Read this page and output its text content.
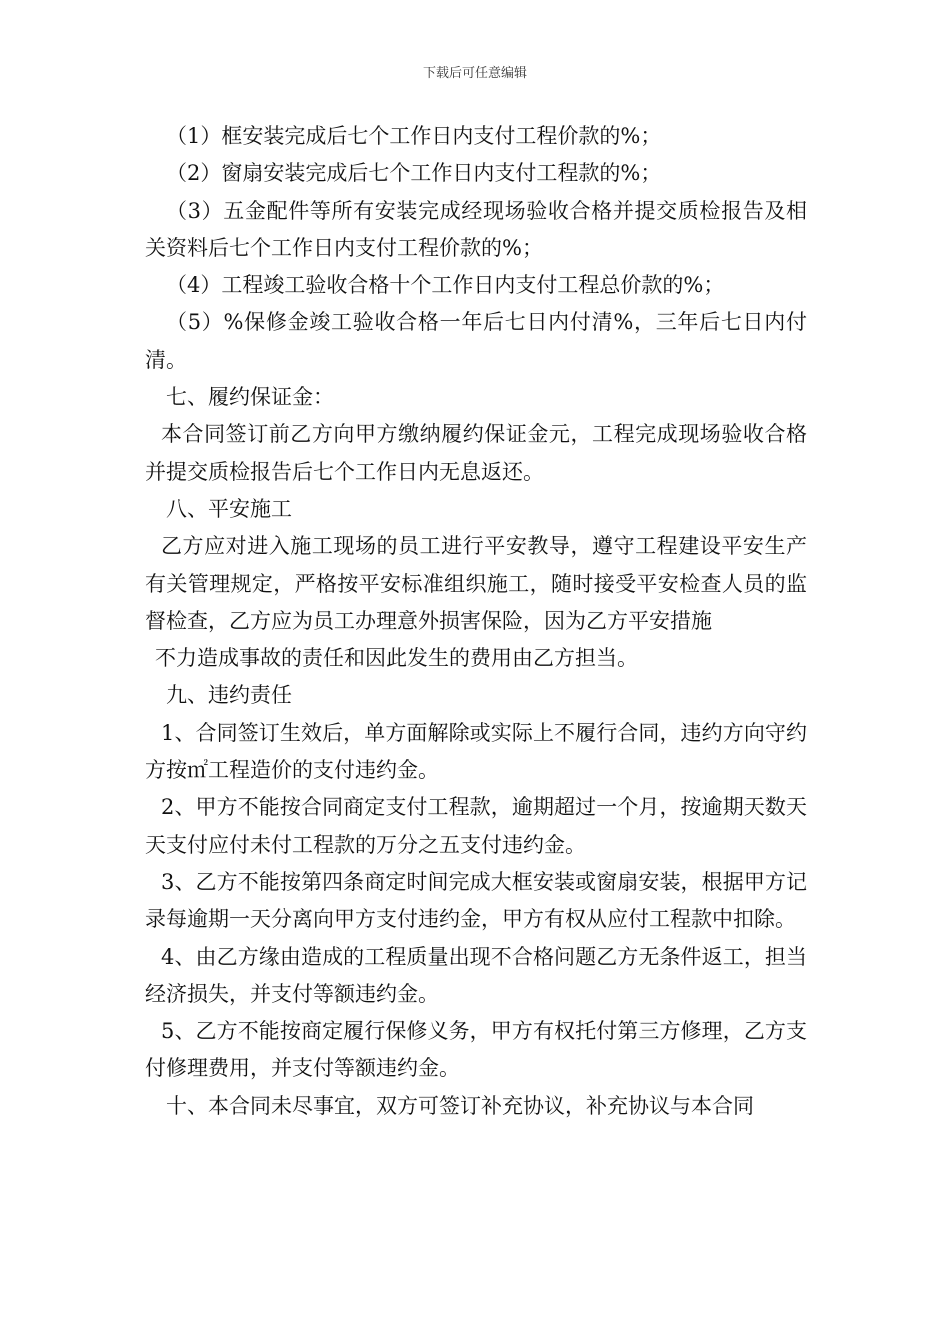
下载后可任意编辑

（1）框安装完成后七个工作日内支付工程价款的%；

（2）窗扇安装完成后七个工作日内支付工程款的%；

（3）五金配件等所有安装完成经现场验收合格并提交质检报告及相关资料后七个工作日内支付工程价款的%；

（4）工程竣工验收合格十个工作日内支付工程总价款的%；

（5）%保修金竣工验收合格一年后七日内付清%，三年后七日内付清。

七、履约保证金：

本合同签订前乙方向甲方缴纳履约保证金元，工程完成现场验收合格并提交质检报告后七个工作日内无息返还。

八、平安施工

乙方应对进入施工现场的员工进行平安教导，遵守工程建设平安生产有关管理规定，严格按平安标准组织施工，随时接受平安检查人员的监督检查，乙方应为员工办理意外损害保险，因为乙方平安措施

不力造成事故的责任和因此发生的费用由乙方担当。

九、违约责任

1、合同签订生效后，单方面解除或实际上不履行合同，违约方向守约方按㎡工程造价的支付违约金。

2、甲方不能按合同商定支付工程款，逾期超过一个月，按逾期天数天天支付应付未付工程款的万分之五支付违约金。

3、乙方不能按第四条商定时间完成大框安装或窗扇安装，根据甲方记录每逾期一天分离向甲方支付违约金，甲方有权从应付工程款中扣除。

4、由乙方缘由造成的工程质量出现不合格问题乙方无条件返工，担当经济损失，并支付等额违约金。

5、乙方不能按商定履行保修义务，甲方有权托付第三方修理，乙方支付修理费用，并支付等额违约金。

十、本合同未尽事宜，双方可签订补充协议，补充协议与本合同
